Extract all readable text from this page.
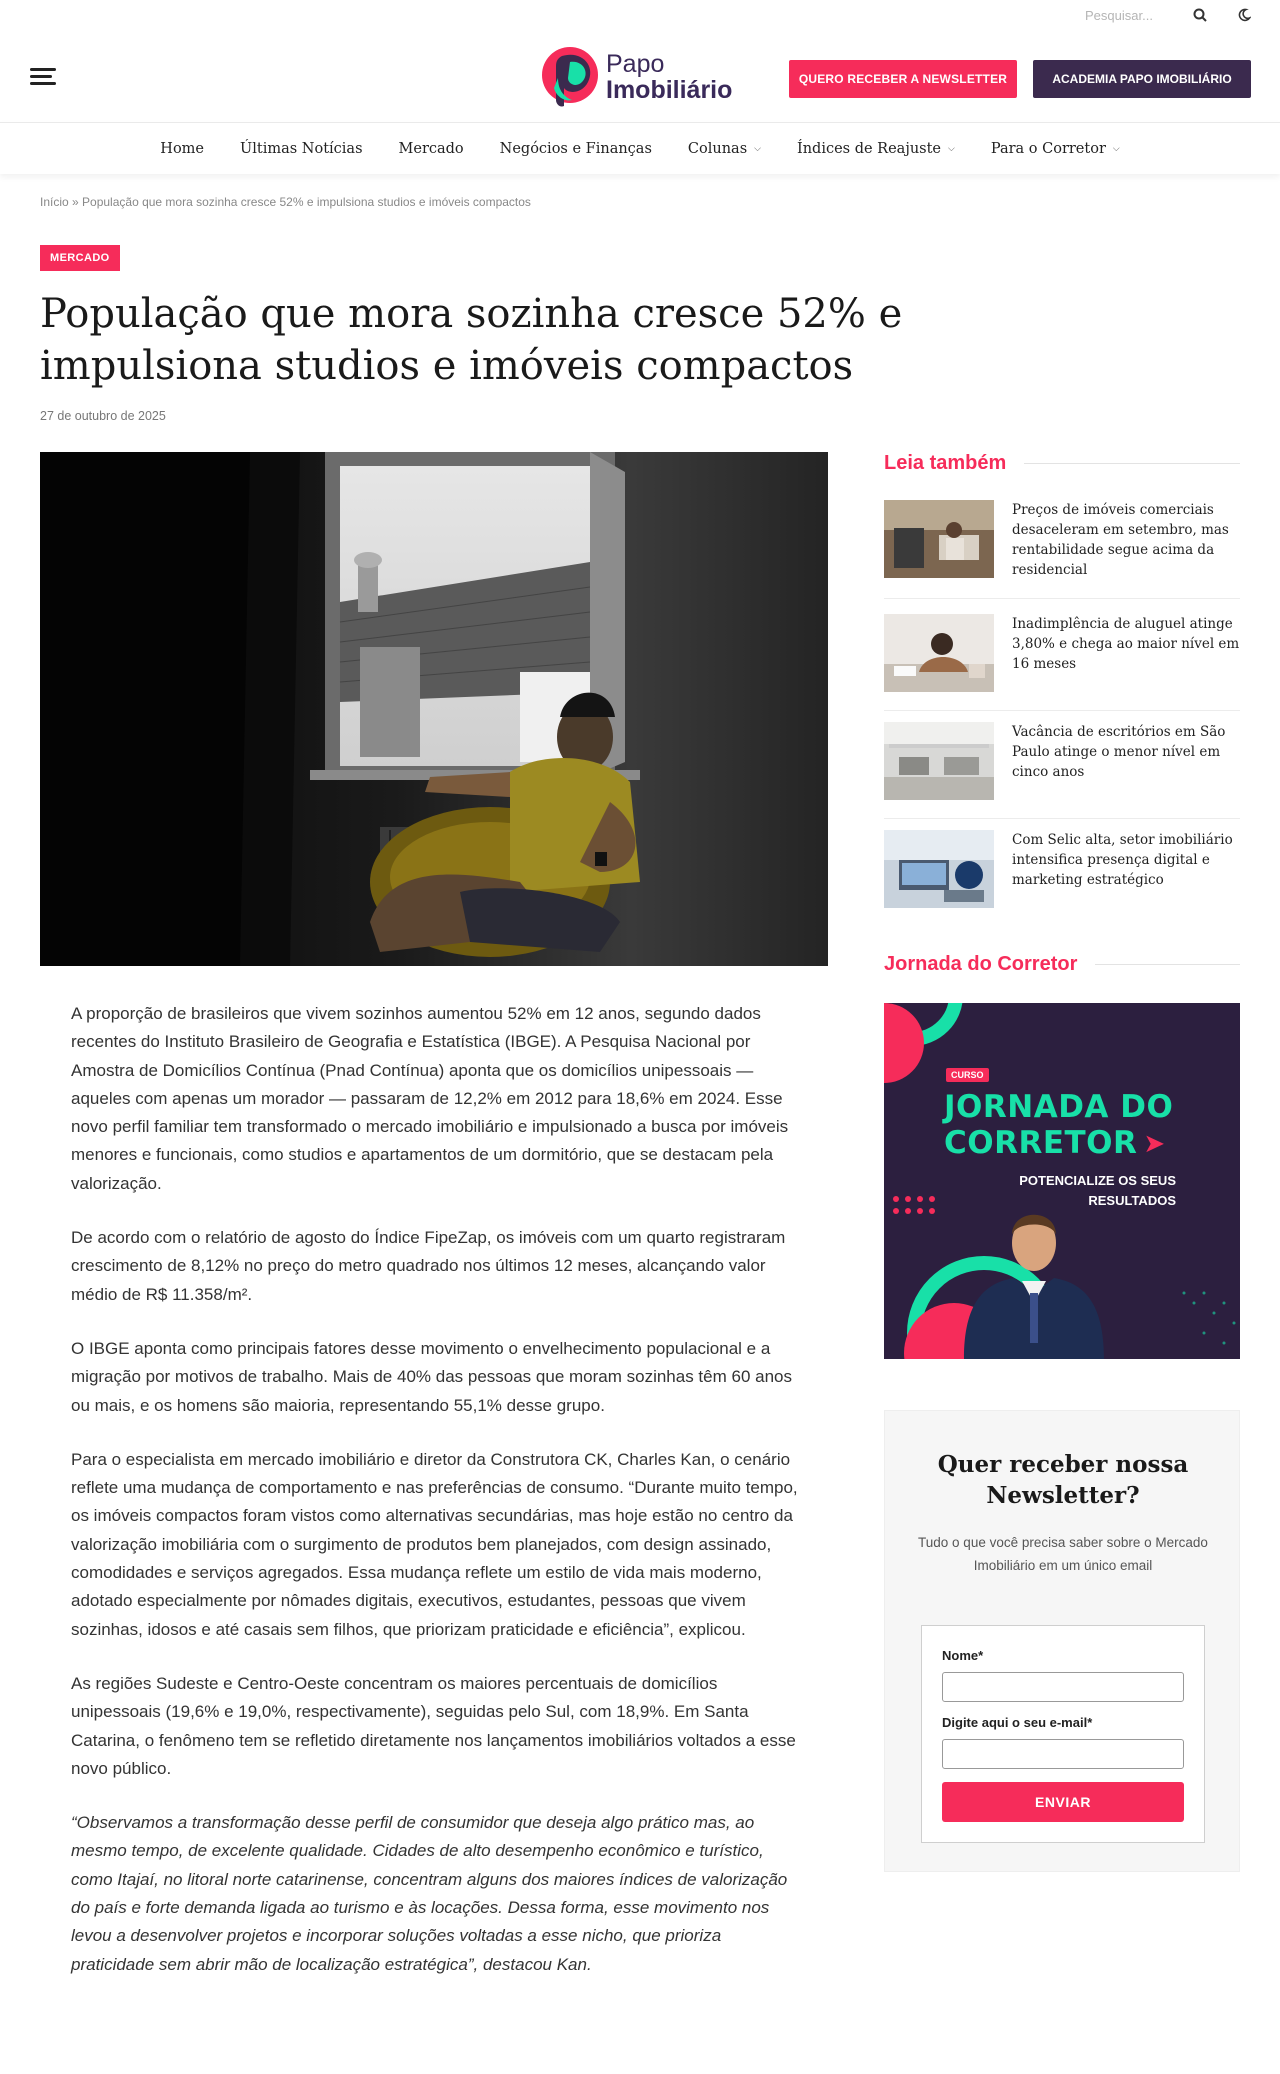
Pesquisar...
Papo
Imobiliário	QUERO RECEBER A NEWSLETTER	ACADEMIA PAPO IMOBILIÁRIO
Home Últimas Notícias Mercado Negócios e Finanças Colunas ⌵ Índices de Reajuste ⌵ Para o Corretor ⌵
Início » População que mora sozinha cresce 52% e impulsiona studios e imóveis compactos
MERCADO
População que mora sozinha cresce 52% e impulsiona studios e imóveis compactos
27 de outubro de 2025

A proporção de brasileiros que vivem sozinhos aumentou 52% em 12 anos, segundo dados recentes do Instituto Brasileiro de Geografia e Estatística (IBGE). A Pesquisa Nacional por Amostra de Domicílios Contínua (Pnad Contínua) aponta que os domicílios unipessoais — aqueles com apenas um morador — passaram de 12,2% em 2012 para 18,6% em 2024. Esse novo perfil familiar tem transformado o mercado imobiliário e impulsionado a busca por imóveis menores e funcionais, como studios e apartamentos de um dormitório, que se destacam pela valorização.

De acordo com o relatório de agosto do Índice FipeZap, os imóveis com um quarto registraram crescimento de 8,12% no preço do metro quadrado nos últimos 12 meses, alcançando valor médio de R$ 11.358/m².

O IBGE aponta como principais fatores desse movimento o envelhecimento populacional e a migração por motivos de trabalho. Mais de 40% das pessoas que moram sozinhas têm 60 anos ou mais, e os homens são maioria, representando 55,1% desse grupo.

Para o especialista em mercado imobiliário e diretor da Construtora CK, Charles Kan, o cenário reflete uma mudança de comportamento e nas preferências de consumo. “Durante muito tempo, os imóveis compactos foram vistos como alternativas secundárias, mas hoje estão no centro da valorização imobiliária com o surgimento de produtos bem planejados, com design assinado, comodidades e serviços agregados. Essa mudança reflete um estilo de vida mais moderno, adotado especialmente por nômades digitais, executivos, estudantes, pessoas que vivem sozinhas, idosos e até casais sem filhos, que priorizam praticidade e eficiência”, explicou.

As regiões Sudeste e Centro-Oeste concentram os maiores percentuais de domicílios unipessoais (19,6% e 19,0%, respectivamente), seguidas pelo Sul, com 18,9%. Em Santa Catarina, o fenômeno tem se refletido diretamente nos lançamentos imobiliários voltados a esse novo público.

“Observamos a transformação desse perfil de consumidor que deseja algo prático mas, ao mesmo tempo, de excelente qualidade. Cidades de alto desempenho econômico e turístico, como Itajaí, no litoral norte catarinense, concentram alguns dos maiores índices de valorização do país e forte demanda ligada ao turismo e às locações. Dessa forma, esse movimento nos levou a desenvolver projetos e incorporar soluções voltadas a esse nicho, que prioriza praticidade sem abrir mão de localização estratégica”, destacou Kan.

Leia também
Preços de imóveis comerciais desaceleram em setembro, mas rentabilidade segue acima da residencial
Inadimplência de aluguel atinge 3,80% e chega ao maior nível em 16 meses
Vacância de escritórios em São Paulo atinge o menor nível em cinco anos
Com Selic alta, setor imobiliário intensifica presença digital e marketing estratégico
Jornada do Corretor
CURSO
JORNADA DO
CORRETOR ➤
POTENCIALIZE OS SEUS
RESULTADOS
Quer receber nossa
Newsletter?
Tudo o que você precisa saber sobre o Mercado Imobiliário em um único email
Nome*
Digite aqui o seu e-mail*
ENVIAR
